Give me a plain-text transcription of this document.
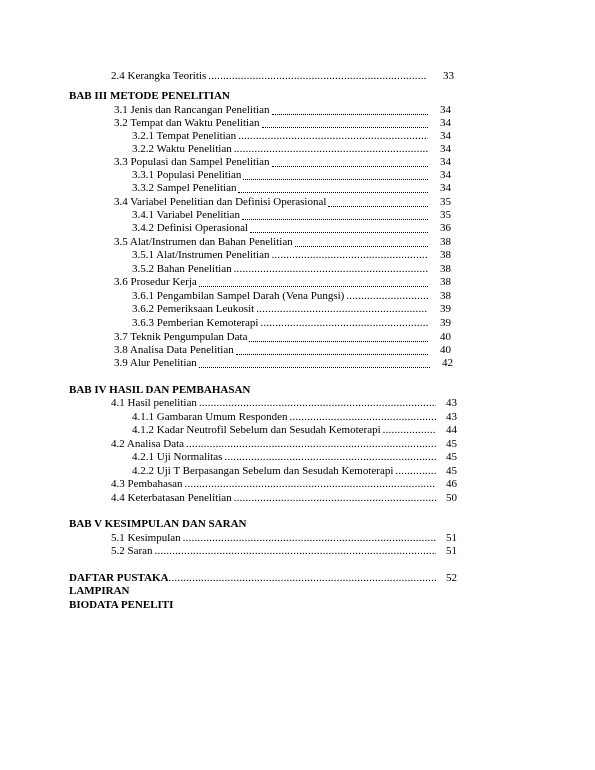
2.4 Kerangka Teoritis .....	33
BAB III METODE PENELITIAN
3.1 Jenis dan Rancangan Penelitian	34
3.2 Tempat dan Waktu Penelitian	34
3.2.1 Tempat Penelitian .....	34
3.2.2 Waktu Penelitian .....	34
3.3 Populasi dan Sampel Penelitian	34
3.3.1 Populasi Penelitian	34
3.3.2 Sampel Penelitian	34
3.4 Variabel Penelitian dan Definisi Operasional	35
3.4.1 Variabel Penelitian	35
3.4.2 Definisi Operasional	36
3.5 Alat/Instrumen dan Bahan Penelitian	38
3.5.1 Alat/Instrumen Penelitian .....	38
3.5.2 Bahan Penelitian .....	38
3.6 Prosedur Kerja	38
3.6.1 Pengambilan Sampel Darah (Vena Pungsi) .....	38
3.6.2 Pemeriksaan Leukosit .....	39
3.6.3 Pemberian Kemoterapi .....	39
3.7 Teknik Pengumpulan Data	40
3.8 Analisa Data Penelitian	40
3.9 Alur Penelitian	42
BAB IV HASIL DAN PEMBAHASAN
4.1 Hasil penelitian .....	43
4.1.1 Gambaran Umum Responden .....	43
4.1.2 Kadar Neutrofil Sebelum dan Sesudah Kemoterapi .....	44
4.2 Analisa Data .....	45
4.2.1 Uji Normalitas .....	45
4.2.2 Uji T Berpasangan Sebelum dan Sesudah Kemoterapi .....	45
4.3 Pembahasan .....	46
4.4 Keterbatasan Penelitian .....	50
BAB V KESIMPULAN DAN SARAN
5.1 Kesimpulan .....	51
5.2 Saran .....	51
DAFTAR PUSTAKA .....	52
LAMPIRAN
BIODATA PENELITI
